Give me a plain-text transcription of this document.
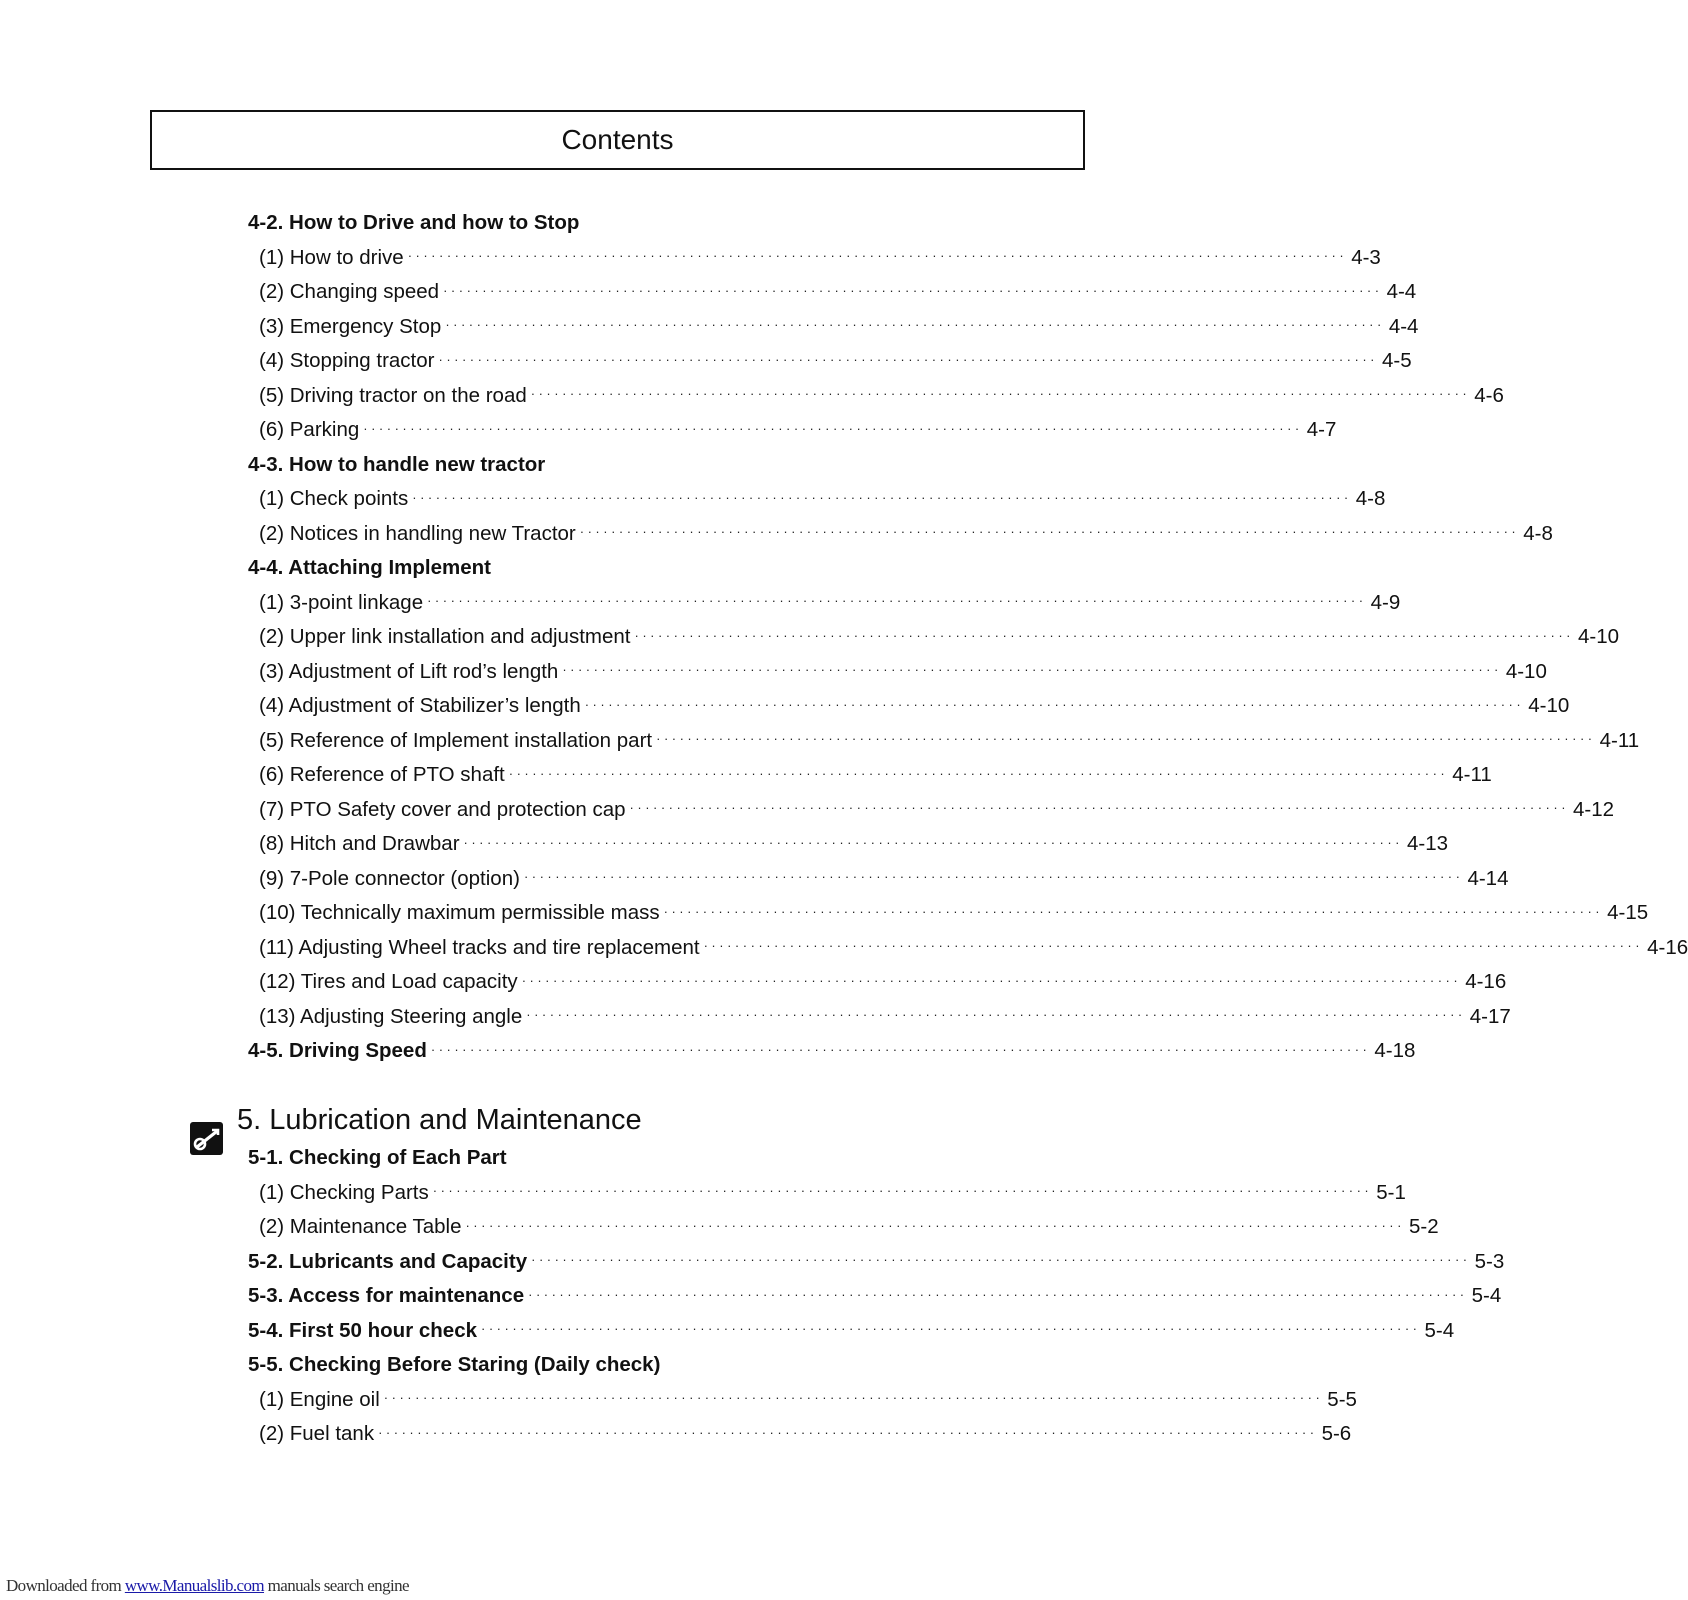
Contents
4-2. How to Drive and how to Stop
(1) How to drive ························································································································ 4-3
(2) Changing speed ························································································································ 4-4
(3) Emergency Stop ························································································································ 4-4
(4) Stopping tractor ························································································································ 4-5
(5) Driving tractor on the road ························································································································ 4-6
(6) Parking ························································································································ 4-7
4-3. How to handle new tractor
(1) Check points ························································································································ 4-8
(2) Notices in handling new Tractor ························································································································ 4-8
4-4. Attaching Implement
(1) 3-point linkage ························································································································ 4-9
(2) Upper link installation and adjustment ························································································································ 4-10
(3) Adjustment of Lift rod’s length ························································································································ 4-10
(4) Adjustment of Stabilizer’s length ························································································································ 4-10
(5) Reference of Implement installation part ························································································································ 4-11
(6) Reference of PTO shaft ························································································································ 4-11
(7) PTO Safety cover and protection cap ························································································································ 4-12
(8) Hitch and Drawbar ························································································································ 4-13
(9) 7-Pole connector (option) ························································································································ 4-14
(10) Technically maximum permissible mass ························································································································ 4-15
(11) Adjusting Wheel tracks and tire replacement ························································································································ 4-16
(12) Tires and Load capacity ························································································································ 4-16
(13) Adjusting Steering angle ························································································································ 4-17
4-5. Driving Speed ························································································································ 4-18
5. Lubrication and Maintenance
5-1. Checking of Each Part
(1) Checking Parts ························································································································ 5-1
(2) Maintenance Table ························································································································ 5-2
5-2. Lubricants and Capacity ························································································································ 5-3
5-3. Access for maintenance ························································································································ 5-4
5-4. First 50 hour check ························································································································ 5-4
5-5. Checking Before Staring (Daily check)
(1) Engine oil ························································································································ 5-5
(2) Fuel tank ························································································································ 5-6
Downloaded from www.Manualslib.com manuals search engine
